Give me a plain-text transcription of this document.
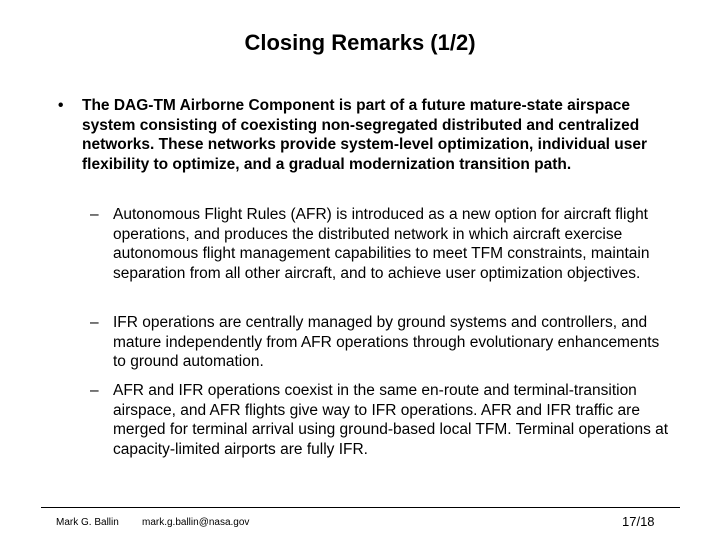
Closing Remarks (1/2)
• The DAG-TM Airborne Component is part of a future mature-state airspace system consisting of coexisting non-segregated distributed and centralized networks. These networks provide system-level optimization, individual user flexibility to optimize, and a gradual modernization transition path.
– Autonomous Flight Rules (AFR) is introduced as a new option for aircraft flight operations, and produces the distributed network in which aircraft exercise autonomous flight management capabilities to meet TFM constraints, maintain separation from all other aircraft, and to achieve user optimization objectives.
– IFR operations are centrally managed by ground systems and controllers, and mature independently from AFR operations through evolutionary enhancements to ground automation.
– AFR and IFR operations coexist in the same en-route and terminal-transition airspace, and AFR flights give way to IFR operations. AFR and IFR traffic are merged for terminal arrival using ground-based local TFM. Terminal operations at capacity-limited airports are fully IFR.
Mark G. Ballin mark.g.ballin@nasa.gov	17/18
